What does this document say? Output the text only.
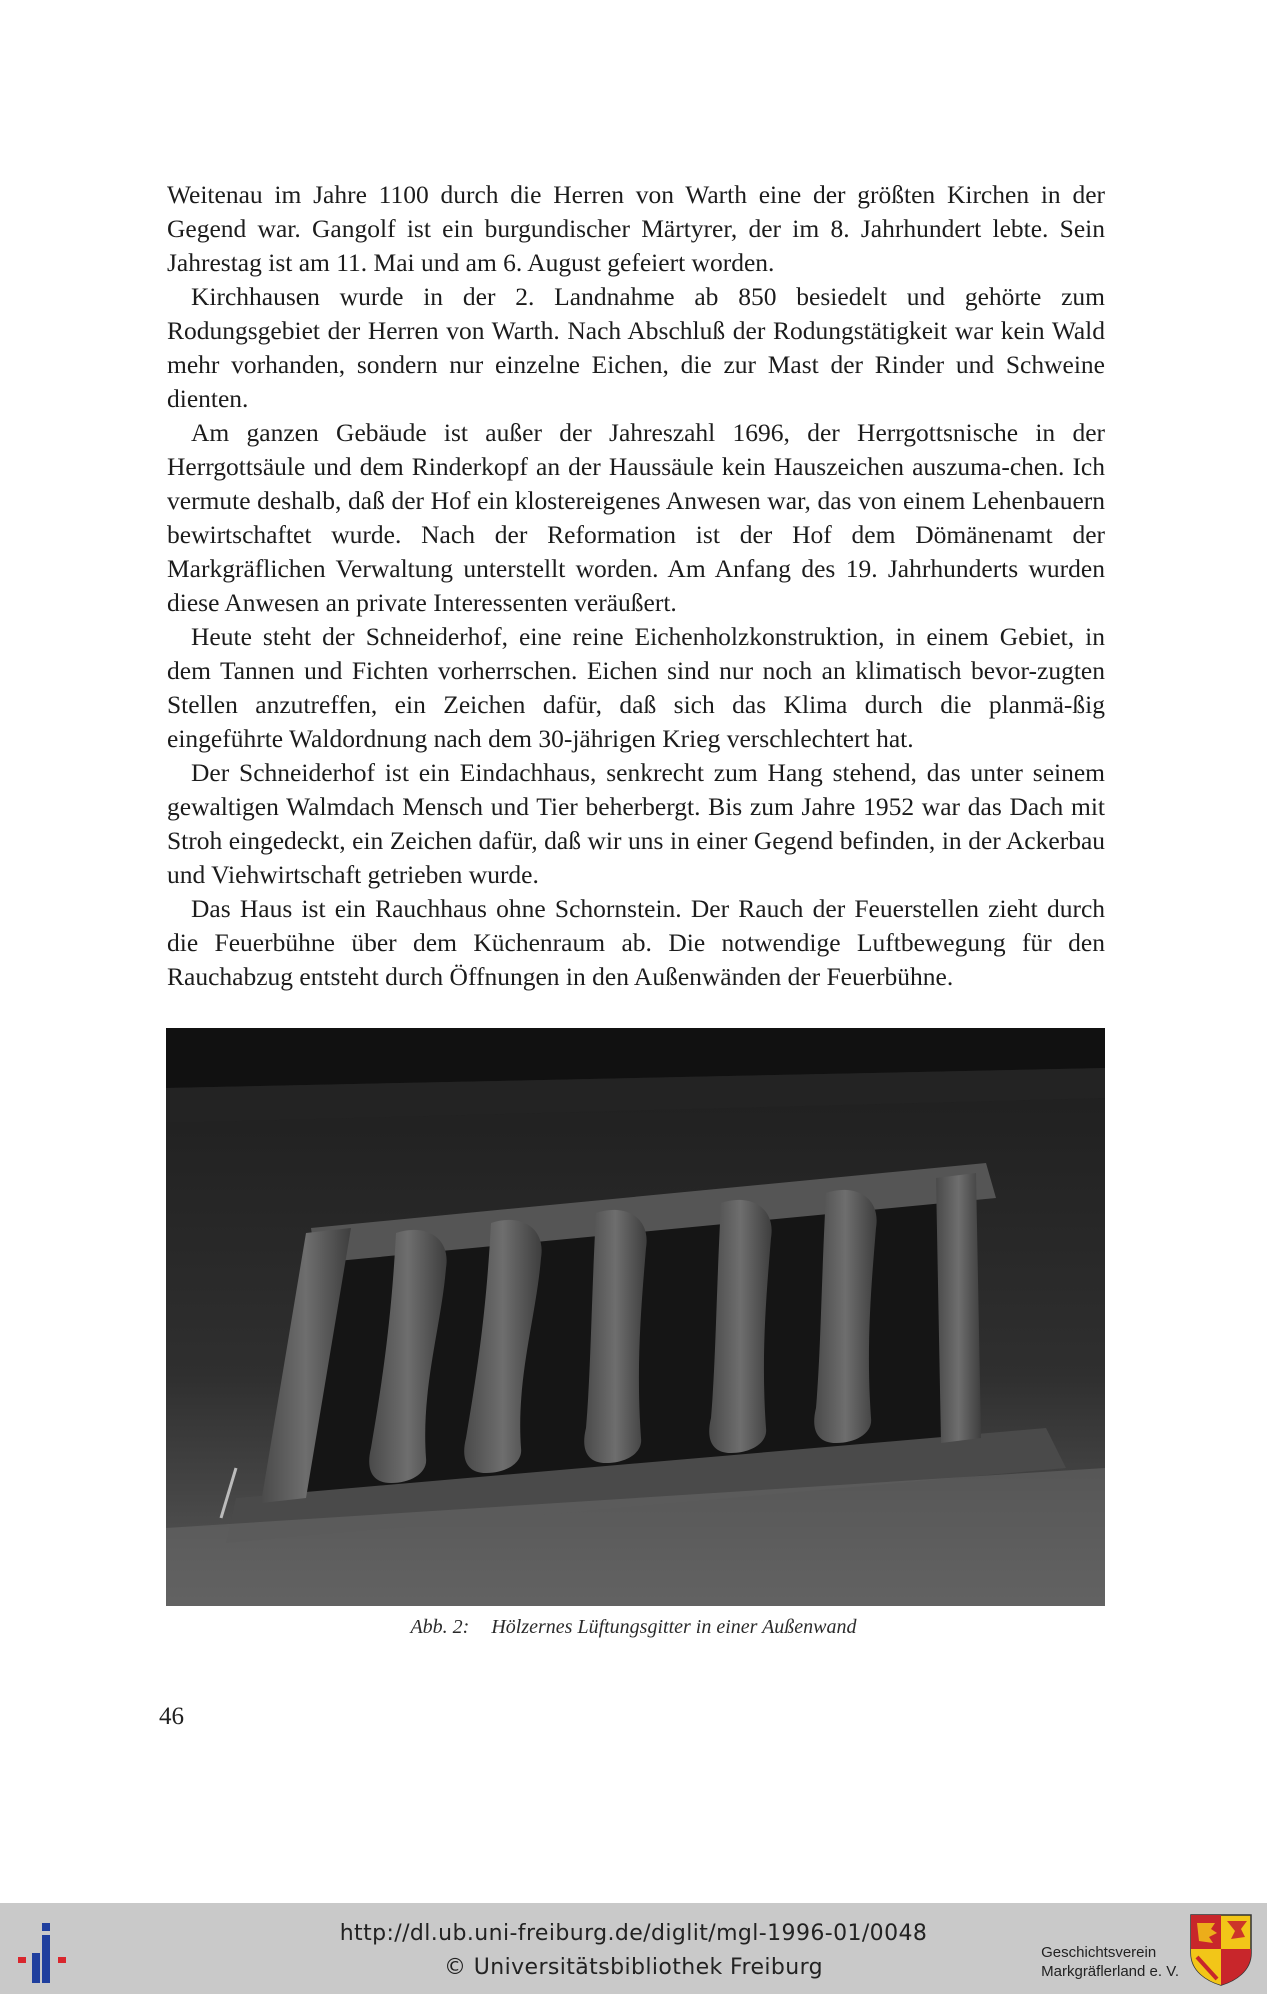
Weitenau im Jahre 1100 durch die Herren von Warth eine der größten Kirchen in der Gegend war. Gangolf ist ein burgundischer Märtyrer, der im 8. Jahrhundert lebte. Sein Jahrestag ist am 11. Mai und am 6. August gefeiert worden.

Kirchhausen wurde in der 2. Landnahme ab 850 besiedelt und gehörte zum Rodungsgebiet der Herren von Warth. Nach Abschluß der Rodungstätigkeit war kein Wald mehr vorhanden, sondern nur einzelne Eichen, die zur Mast der Rinder und Schweine dienten.

Am ganzen Gebäude ist außer der Jahreszahl 1696, der Herrgottsnische in der Herrgottsäule und dem Rinderkopf an der Haussäule kein Hauszeichen auszuma-chen. Ich vermute deshalb, daß der Hof ein klostereigenes Anwesen war, das von einem Lehenbauern bewirtschaftet wurde. Nach der Reformation ist der Hof dem Dömänenamt der Markgräflichen Verwaltung unterstellt worden. Am Anfang des 19. Jahrhunderts wurden diese Anwesen an private Interessenten veräußert.

Heute steht der Schneiderhof, eine reine Eichenholzkonstruktion, in einem Gebiet, in dem Tannen und Fichten vorherrschen. Eichen sind nur noch an klimatisch bevor-zugten Stellen anzutreffen, ein Zeichen dafür, daß sich das Klima durch die planmä-ßig eingeführte Waldordnung nach dem 30-jährigen Krieg verschlechtert hat.

Der Schneiderhof ist ein Eindachhaus, senkrecht zum Hang stehend, das unter seinem gewaltigen Walmdach Mensch und Tier beherbergt. Bis zum Jahre 1952 war das Dach mit Stroh eingedeckt, ein Zeichen dafür, daß wir uns in einer Gegend befinden, in der Ackerbau und Viehwirtschaft getrieben wurde.

Das Haus ist ein Rauchhaus ohne Schornstein. Der Rauch der Feuerstellen zieht durch die Feuerbühne über dem Küchenraum ab. Die notwendige Luftbewegung für den Rauchabzug entsteht durch Öffnungen in den Außenwänden der Feuerbühne.

Abb. 2: Hölzernes Lüftungsgitter in einer Außenwand
46
http://dl.ub.uni-freiburg.de/diglit/mgl-1996-01/0048
© Universitätsbibliothek Freiburg
Geschichtsverein
Markgräflerland e. V.
